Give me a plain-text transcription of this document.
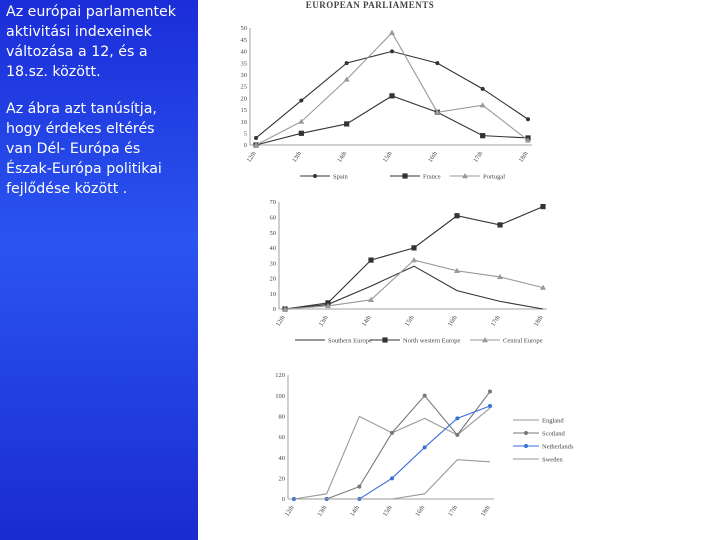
Az európai parlamentek
aktivitási indexeinek
változása a 12, és a
18.sz. között.

Az ábra azt tanúsítja,
hogy érdekes eltérés
van Dél- Európa és
Észak-Európa politikai
fejlődése között .

EUROPEAN PARLIAMENTS
0
5
10
15
20
25
30
35
40
45
50
12th	13th	14th	15th	16th	17th	18th
Spain	France	Portugal
0
10
20
30
40
50
60
70
12th	13th	14th	15th	16th	17th	18th
Southern Europe	North western Europe	Central Europe
0
20
40
60
80
100
120
12th	13th	14th	15th	16th	17th	18th
England
Scotland
Netherlands
Sweden
